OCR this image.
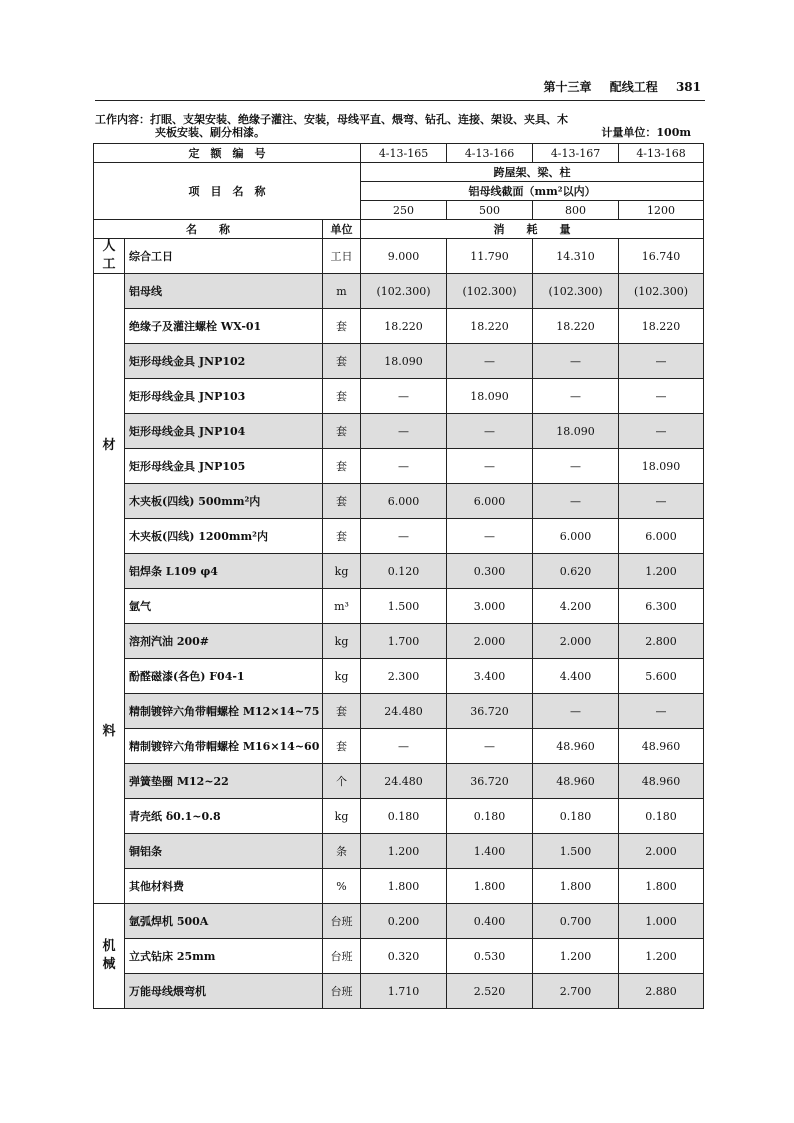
第十三章 配线工程 381
工作内容：打眼、支架安装、绝缘子灌注、安装，母线平直、煨弯、钻孔、连接、架设、夹具、木
夹板安装、刷分相漆。	计量单位：100m
定　额　编　号			4-13-165	4-13-166	4-13-167	4-13-168
项　目　名　称			跨屋架、梁、柱			
			铝母线截面（mm²以内）			
			250	500	800	1200
名　　称		单位	消　　耗　　量			

人
工	综合工日	工日	9.000	11.790	14.310	16.740

材
料	铝母线	m	(102.300)	(102.300)	(102.300)	(102.300)
	绝缘子及灌注螺栓 WX-01	套	18.220	18.220	18.220	18.220
	矩形母线金具 JNP102	套	18.090	—	—	—
	矩形母线金具 JNP103	套	—	18.090	—	—
	矩形母线金具 JNP104	套	—	—	18.090	—
	矩形母线金具 JNP105	套	—	—	—	18.090
	木夹板(四线) 500mm²内	套	6.000	6.000	—	—
	木夹板(四线) 1200mm²内	套	—	—	6.000	6.000
	铝焊条 L109 φ4	kg	0.120	0.300	0.620	1.200
	氩气	m³	1.500	3.000	4.200	6.300
	溶剂汽油 200#	kg	1.700	2.000	2.000	2.800
	酚醛磁漆(各色) F04-1	kg	2.300	3.400	4.400	5.600
	精制镀锌六角带帽螺栓 M12×14~75	套	24.480	36.720	—	—
	精制镀锌六角带帽螺栓 M16×14~60	套	—	—	48.960	48.960
	弹簧垫圈 M12~22	个	24.480	36.720	48.960	48.960
	青壳纸 δ0.1~0.8	kg	0.180	0.180	0.180	0.180
	铜铝条	条	1.200	1.400	1.500	2.000
	其他材料费	%	1.800	1.800	1.800	1.800

机
械	氩弧焊机 500A	台班	0.200	0.400	0.700	1.000
	立式钻床 25mm	台班	0.320	0.530	1.200	1.200
	万能母线煨弯机	台班	1.710	2.520	2.700	2.880
